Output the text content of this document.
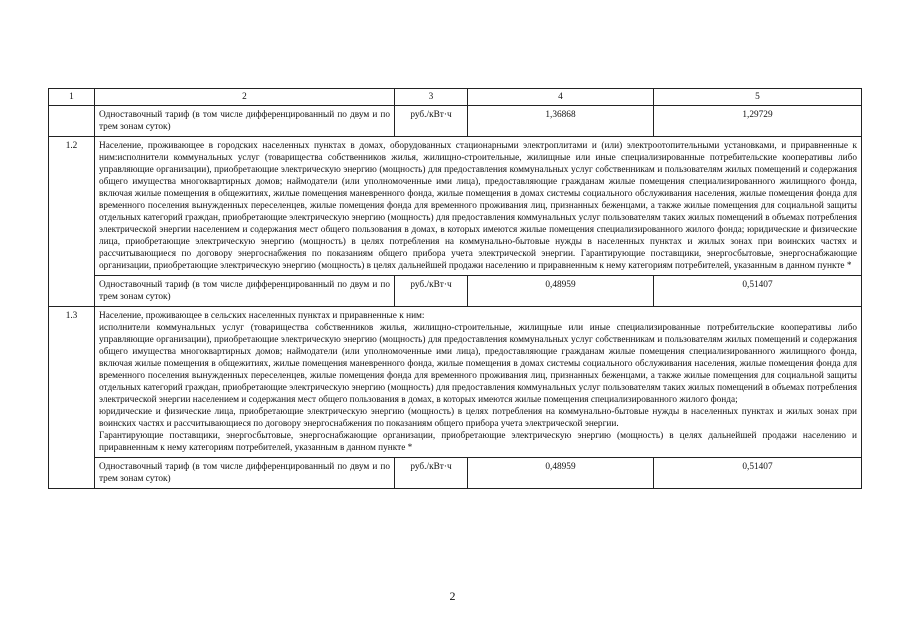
1	2	3	4	5
	Одноставочный тариф (в том числе дифференцированный по двум и по трем зонам суток)	руб./кВт·ч	1,36868	1,29729
1.2	Население, проживающее в городских населенных пунктах в домах, оборудованных стационарными электроплитами и (или) электроотопительными установками, и приравненные к ним:исполнители коммунальных услуг (товарищества собственников жилья, жилищно-строительные, жилищные или иные специализированные потребительские кооперативы либо управляющие организации), приобретающие электрическую энергию (мощность) для предоставления коммунальных услуг собственникам и пользователям жилых помещений и содержания общего имущества многоквартирных домов; наймодатели (или уполномоченные ими лица), предоставляющие гражданам жилые помещения специализированного жилищного фонда, включая жилые помещения в общежитиях, жилые помещения маневренного фонда, жилые помещения в домах системы социального обслуживания населения, жилые помещения фонда для временного поселения вынужденных переселенцев, жилые помещения фонда для временного проживания лиц, признанных беженцами, а также жилые помещения для социальной защиты отдельных категорий граждан, приобретающие электрическую энергию (мощность) для предоставления коммунальных услуг пользователям таких жилых помещений в объемах потребления электрической энергии населением и содержания мест общего пользования в домах, в которых имеются жилые помещения специализированного жилого фонда; юридические и физические лица, приобретающие электрическую энергию (мощность) в целях потребления на коммунально-бытовые нужды в населенных пунктах и жилых зонах при воинских частях и рассчитывающиеся по договору энергоснабжения по показаниям общего прибора учета электрической энергии. Гарантирующие поставщики, энергосбытовые, энергоснабжающие организации, приобретающие электрическую энергию (мощность) в целях дальнейшей продажи населению и приравненным к нему категориям потребителей, указанным в данном пункте *			

	Одноставочный тариф (в том числе дифференцированный по двум и по трем зонам суток)	руб./кВт·ч	0,48959	0,51407
1.3	Население, проживающее в сельских населенных пунктах и приравненные к ним:

исполнители коммунальных услуг (товарищества собственников жилья, жилищно-строительные, жилищные или иные специализированные потребительские кооперативы либо управляющие организации), приобретающие электрическую энергию (мощность) для предоставления коммунальных услуг собственникам и пользователям жилых помещений и содержания общего имущества многоквартирных домов; наймодатели (или уполномоченные ими лица), предоставляющие гражданам жилые помещения специализированного жилищного фонда, включая жилые помещения в общежитиях, жилые помещения маневренного фонда, жилые помещения в домах системы социального обслуживания населения, жилые помещения фонда для временного поселения вынужденных переселенцев, жилые помещения фонда для временного проживания лиц, признанных беженцами, а также жилые помещения для социальной защиты отдельных категорий граждан, приобретающие электрическую энергию (мощность) для предоставления коммунальных услуг пользователям таких жилых помещений в объемах потребления электрической энергии населением и содержания мест общего пользования в домах, в которых имеются жилые помещения специализированного жилого фонда;

юридические и физические лица, приобретающие электрическую энергию (мощность) в целях потребления на коммунально-бытовые нужды в населенных пунктах и жилых зонах при воинских частях и рассчитывающиеся по договору энергоснабжения по показаниям общего прибора учета электрической энергии.

Гарантирующие поставщики, энергосбытовые, энергоснабжающие организации, приобретающие электрическую энергию (мощность) в целях дальнейшей продажи населению и приравненным к нему категориям потребителей, указанным в данном пункте *			

	Одноставочный тариф (в том числе дифференцированный по двум и по трем зонам суток)	руб./кВт·ч	0,48959	0,51407
2
